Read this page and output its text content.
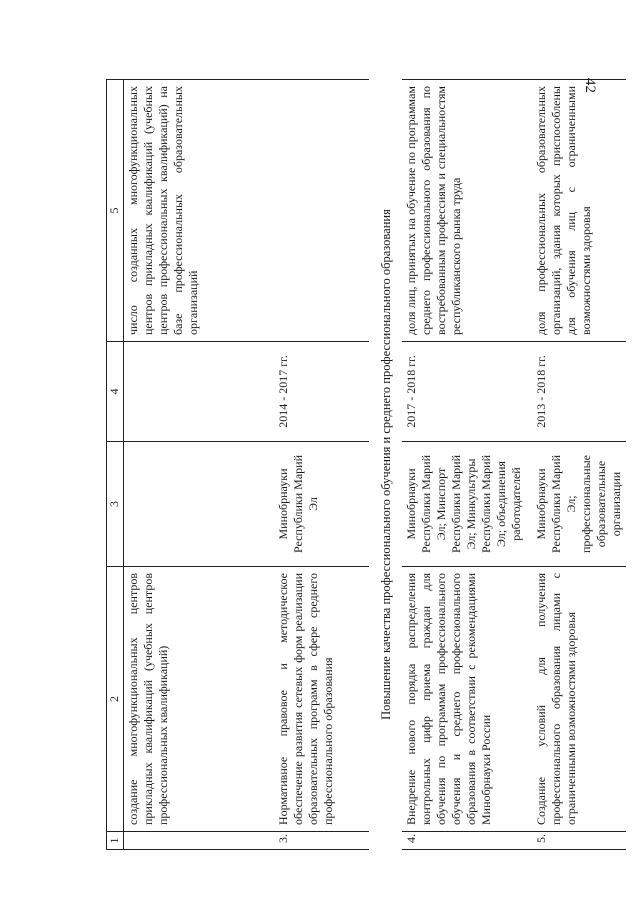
42
1	2	3	4	5
	создание многофункциональных центров прикладных квалификаций (учебных центров профессиональных квалификаций)			число созданных многофункциональных центров прикладных квалификаций (учебных центров профессиональных квалификаций) на базе профессиональных образовательных организаций
3.	Нормативное правовое и методическое обеспечение развития сетевых форм реализации образовательных программ в сфере среднего профессионального образования	Минобрнауки Республики Марий Эл	2014 - 2017 гг.	
Повышение качества профессионального обучения и среднего профессионального образования				
4.	Внедрение нового порядка распределения контрольных цифр приема граждан для обучения по программам профессионального обучения и среднего профессионального образования в соответствии с рекомендациями Минобрнауки России	Минобрнауки Республики Марий Эл; Минспорт Республики Марий Эл; Минкультуры Республики Марий Эл; объединения работодателей	2017 - 2018 гг.	доля лиц, принятых на обучение по программам среднего профессионального образования по востребованным профессиям и специальностям республиканского рынка труда
5.	Создание условий для получения профессионального образования лицами с ограниченными возможностями здоровья	Минобрнауки Республики Марий Эл; профессиональные образовательные организации	2013 - 2018 гг.	доля профессиональных образовательных организаций, здания которых приспособлены для обучения лиц с ограниченными возможностями здоровья
